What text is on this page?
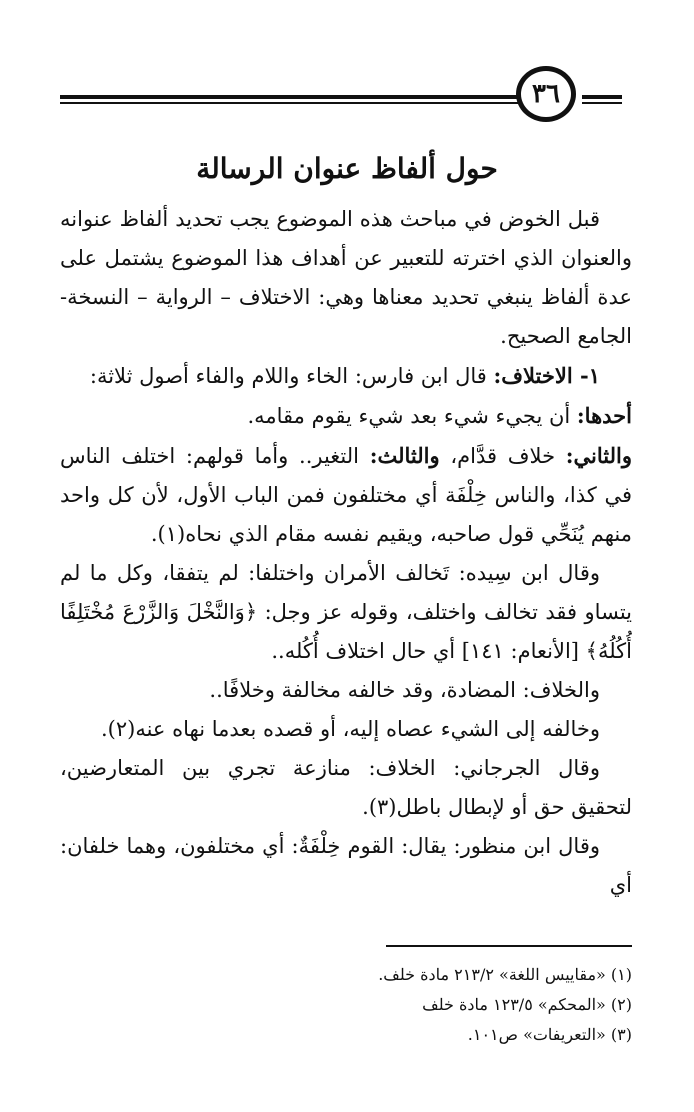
٣٦
حول ألفاظ عنوان الرسالة

قبل الخوض في مباحث هذه الموضوع يجب تحديد ألفاظ عنوانه والعنوان الذي اخترته للتعبير عن أهداف هذا الموضوع يشتمل على عدة ألفاظ ينبغي تحديد معناها وهي: الاختلاف – الرواية – النسخة- الجامع الصحيح.

١- الاختلاف: قال ابن فارس: الخاء واللام والفاء أصول ثلاثة:

أحدها: أن يجيء شيء بعد شيء يقوم مقامه.

والثاني: خلاف قدَّام، والثالث: التغير.. وأما قولهم: اختلف الناس في كذا، والناس خِلْفَة أي مختلفون فمن الباب الأول، لأن كل واحد منهم يُنَحِّي قول صاحبه، ويقيم نفسه مقام الذي نحاه(١).

وقال ابن سِيده: تَخالف الأمران واختلفا: لم يتفقا، وكل ما لم يتساو فقد تخالف واختلف، وقوله عز وجل: ﴿وَالنَّخْلَ وَالزَّرْعَ مُخْتَلِفًا أُكُلُهُ﴾ [الأنعام: ١٤١] أي حال اختلاف أُكُله..

والخلاف: المضادة، وقد خالفه مخالفة وخلافًا..

وخالفه إلى الشيء عصاه إليه، أو قصده بعدما نهاه عنه(٢).

وقال الجرجاني: الخلاف: منازعة تجري بين المتعارضين، لتحقيق حق أو لإبطال باطل(٣).

وقال ابن منظور: يقال: القوم خِلْفَةٌ: أي مختلفون، وهما خلفان: أي

(١) «مقاييس اللغة» ٢١٣/٢ مادة خلف.

(٢) «المحكم» ١٢٣/٥ مادة خلف

(٣) «التعريفات» ص١٠١.
